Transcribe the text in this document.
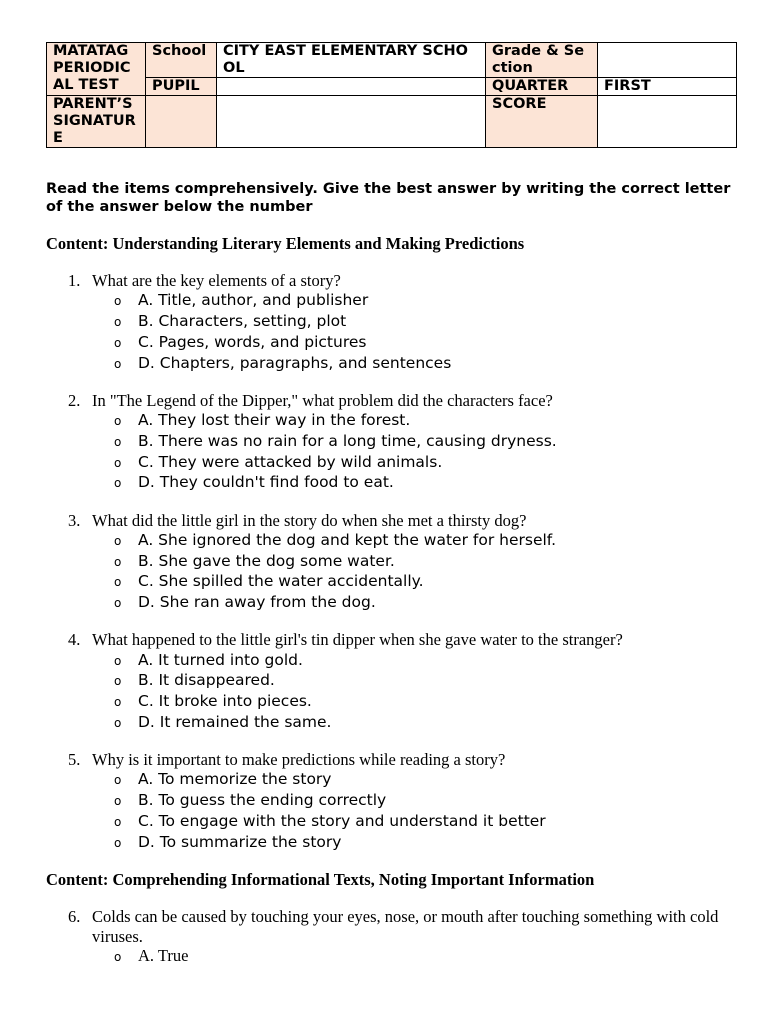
MATATAG PERIODIC AL TEST	School	CITY EAST ELEMENTARY SCHOOL	Grade & Section	
	PUPIL		QUARTER	FIRST
PARENT’S SIGNATURE			SCORE	
Read the items comprehensively. Give the best answer by writing the correct letter of the answer below the number
Content: Understanding Literary Elements and Making Predictions
Content: Comprehending Informational Texts, Noting Important Information
1. What are the key elements of a story?
o A. Title, author, and publisher
o B. Characters, setting, plot
o C. Pages, words, and pictures
o D. Chapters, paragraphs, and sentences
2. In "The Legend of the Dipper," what problem did the characters face?
o A. They lost their way in the forest.
o B. There was no rain for a long time, causing dryness.
o C. They were attacked by wild animals.
o D. They couldn't find food to eat.
3. What did the little girl in the story do when she met a thirsty dog?
o A. She ignored the dog and kept the water for herself.
o B. She gave the dog some water.
o C. She spilled the water accidentally.
o D. She ran away from the dog.
4. What happened to the little girl's tin dipper when she gave water to the stranger?
o A. It turned into gold.
o B. It disappeared.
o C. It broke into pieces.
o D. It remained the same.
5. Why is it important to make predictions while reading a story?
o A. To memorize the story
o B. To guess the ending correctly
o C. To engage with the story and understand it better
o D. To summarize the story
6. Colds can be caused by touching your eyes, nose, or mouth after touching something with cold viruses.
o A. True
